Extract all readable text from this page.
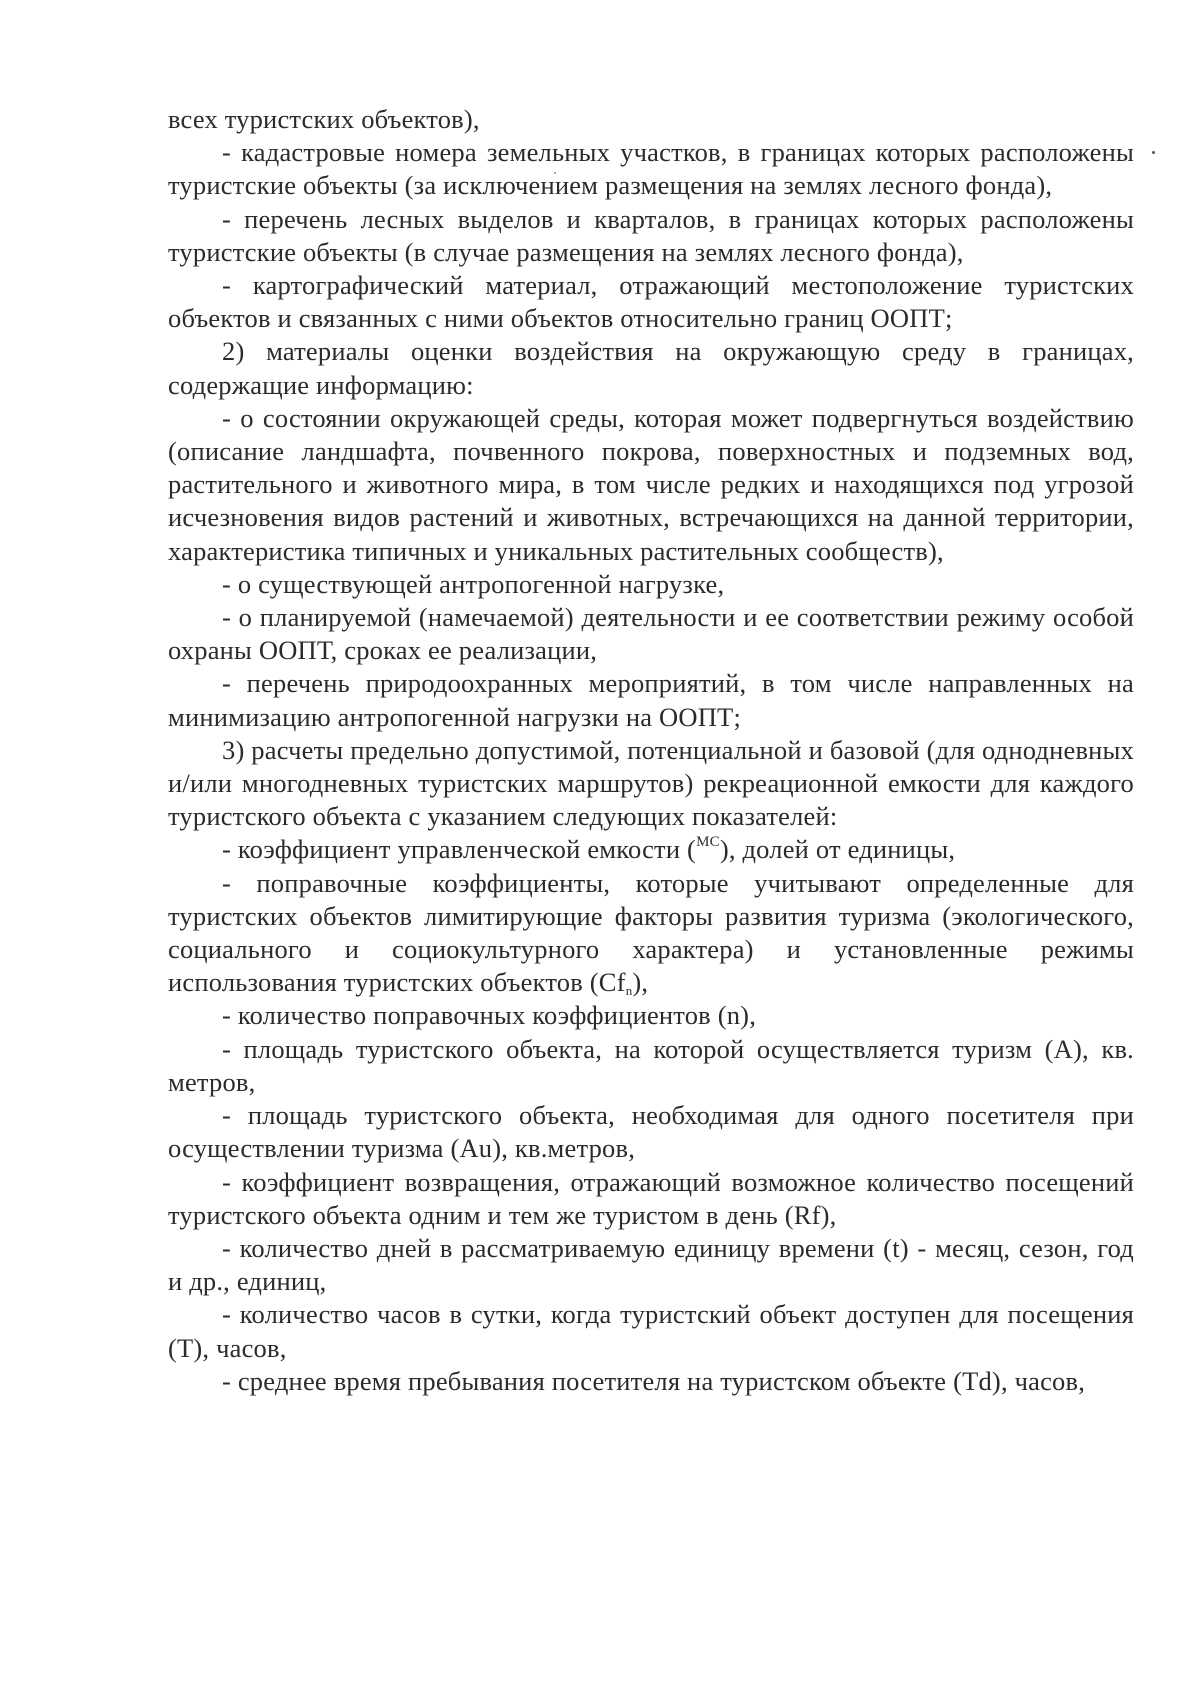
всех туристских объектов),

- кадастровые номера земельных участков, в границах которых расположены туристские объекты (за исключением размещения на землях лесного фонда),

- перечень лесных выделов и кварталов, в границах которых расположены туристские объекты (в случае размещения на землях лесного фонда),

- картографический материал, отражающий местоположение туристских объектов и связанных с ними объектов относительно границ ООПТ;

2) материалы оценки воздействия на окружающую среду в границах, содержащие информацию:

- о состоянии окружающей среды, которая может подвергнуться воздействию (описание ландшафта, почвенного покрова, поверхностных и подземных вод, растительного и животного мира, в том числе редких и находящихся под угрозой исчезновения видов растений и животных, встречающихся на данной территории, характеристика типичных и уникальных растительных сообществ),

- о существующей антропогенной нагрузке,

- о планируемой (намечаемой) деятельности и ее соответствии режиму особой охраны ООПТ, сроках ее реализации,

- перечень природоохранных мероприятий, в том числе направленных на минимизацию антропогенной нагрузки на ООПТ;

3) расчеты предельно допустимой, потенциальной и базовой (для однодневных и/или многодневных туристских маршрутов) рекреационной емкости для каждого туристского объекта с указанием следующих показателей:

- коэффициент управленческой емкости ($^{MC}$), долей от единицы,

- поправочные коэффициенты, которые учитывают определенные для туристских объектов лимитирующие факторы развития туризма (экологического, социального и социокультурного характера) и установленные режимы использования туристских объектов $(Cf_n)$,

- количество поправочных коэффициентов (n),

- площадь туристского объекта, на которой осуществляется туризм (A), кв. метров,

- площадь туристского объекта, необходимая для одного посетителя при осуществлении туризма (Au), кв.метров,

- коэффициент возвращения, отражающий возможное количество посещений туристского объекта одним и тем же туристом в день (Rf),

- количество дней в рассматриваемую единицу времени (t) - месяц, сезон, год и др., единиц,

- количество часов в сутки, когда туристский объект доступен для посещения (T), часов,

- среднее время пребывания посетителя на туристском объекте (Td), часов,
